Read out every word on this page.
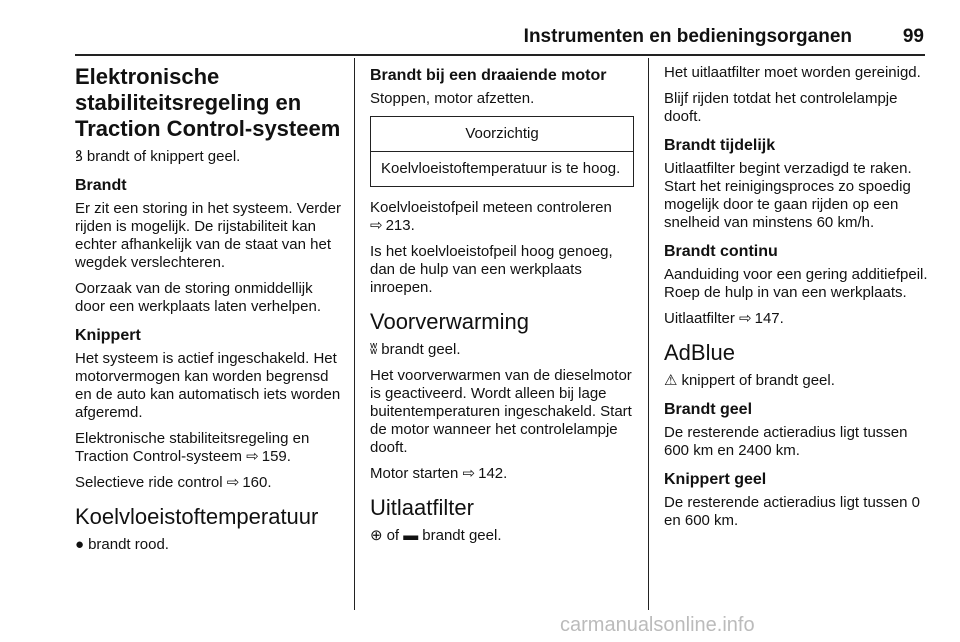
Instrumenten en bedieningsorganen	99
Elektronische stabiliteitsregeling en Traction Control-systeem

ꝸ brandt of knippert geel.

Brandt

Er zit een storing in het systeem. Verder rijden is mogelijk. De rijstabiliteit kan echter afhankelijk van de staat van het wegdek verslechteren.

Oorzaak van de storing onmiddellijk door een werkplaats laten verhelpen.

Knippert

Het systeem is actief ingeschakeld. Het motorvermogen kan worden begrensd en de auto kan automatisch iets worden afgeremd.

Elektronische stabiliteitsregeling en Traction Control-systeem ⇨ 159.

Selectieve ride control ⇨ 160.

Koelvloeistoftemperatuur

● brandt rood.

Brandt bij een draaiende motor

Stoppen, motor afzetten.

Voorzichtig
Koelvloeistoftemperatuur is te hoog.

Koelvloeistofpeil meteen controleren
⇨ 213.

Is het koelvloeistofpeil hoog genoeg, dan de hulp van een werkplaats inroepen.

Voorverwarming

ʬ brandt geel.

Het voorverwarmen van de dieselmotor is geactiveerd. Wordt alleen bij lage buitentemperaturen ingeschakeld. Start de motor wanneer het controlelampje dooft.

Motor starten ⇨ 142.

Uitlaatfilter

⊕ of ▬ brandt geel.

Het uitlaatfilter moet worden gereinigd.

Blijf rijden totdat het controlelampje dooft.

Brandt tijdelijk

Uitlaatfilter begint verzadigd te raken. Start het reinigingsproces zo spoedig mogelijk door te gaan rijden op een snelheid van minstens 60 km/h.

Brandt continu

Aanduiding voor een gering additiefpeil. Roep de hulp in van een werkplaats.

Uitlaatfilter ⇨ 147.

AdBlue

⚠ knippert of brandt geel.

Brandt geel

De resterende actieradius ligt tussen 600 km en 2400 km.

Knippert geel

De resterende actieradius ligt tussen 0 en 600 km.

carmanualsonline.info
